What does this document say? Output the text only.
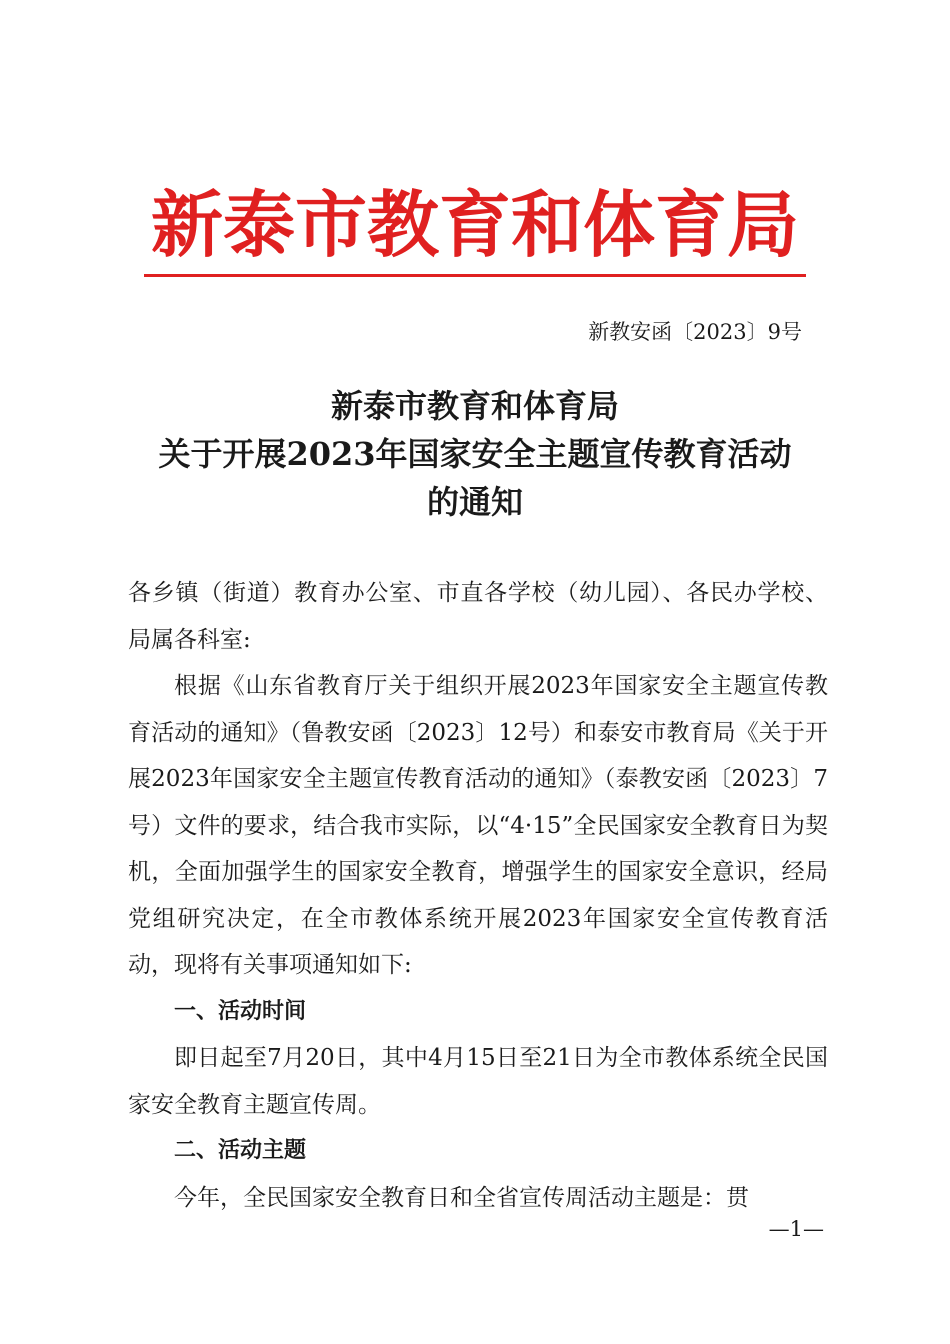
新泰市教育和体育局
新教安函〔2023〕9号
新泰市教育和体育局
关于开展2023年国家安全主题宣传教育活动
的通知

各乡镇（街道）教育办公室、市直各学校（幼儿园）、各民办学校、局属各科室:

根据《山东省教育厅关于组织开展2023年国家安全主题宣传教育活动的通知》（鲁教安函〔2023〕12号）和泰安市教育局《关于开展2023年国家安全主题宣传教育活动的通知》（泰教安函〔2023〕7号）文件的要求，结合我市实际，以“4·15”全民国家安全教育日为契机，全面加强学生的国家安全教育，增强学生的国家安全意识，经局党组研究决定，在全市教体系统开展2023年国家安全宣传教育活动，现将有关事项通知如下:

一、活动时间

即日起至7月20日，其中4月15日至21日为全市教体系统全民国家安全教育主题宣传周。

二、活动主题

今年，全民国家安全教育日和全省宣传周活动主题是：贯

—1—
